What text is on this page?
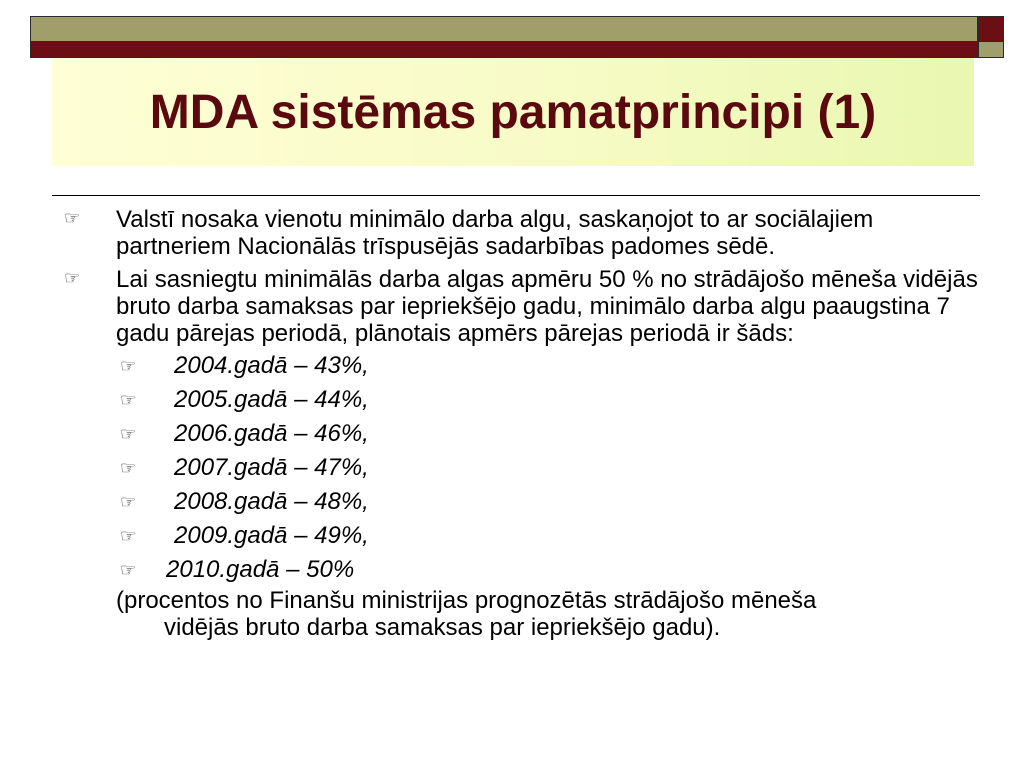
MDA sistēmas pamatprincipi (1)
☞ Valstī nosaka vienotu minimālo darba algu, saskaņojot to ar sociālajiem partneriem Nacionālās trīspusējās sadarbības padomes sēdē.
☞ Lai sasniegtu minimālās darba algas apmēru 50 % no strādājošo mēneša vidējās bruto darba samaksas par iepriekšējo gadu, minimālo darba algu paaugstina 7 gadu pārejas periodā, plānotais apmērs pārejas periodā ir šāds:
☞ 2004.gadā – 43%,
☞ 2005.gadā – 44%,
☞ 2006.gadā – 46%,
☞ 2007.gadā – 47%,
☞ 2008.gadā – 48%,
☞ 2009.gadā – 49%,
☞ 2010.gadā – 50%
(procentos no Finanšu ministrijas prognozētās strādājošo mēneša
vidējās bruto darba samaksas par iepriekšējo gadu).
